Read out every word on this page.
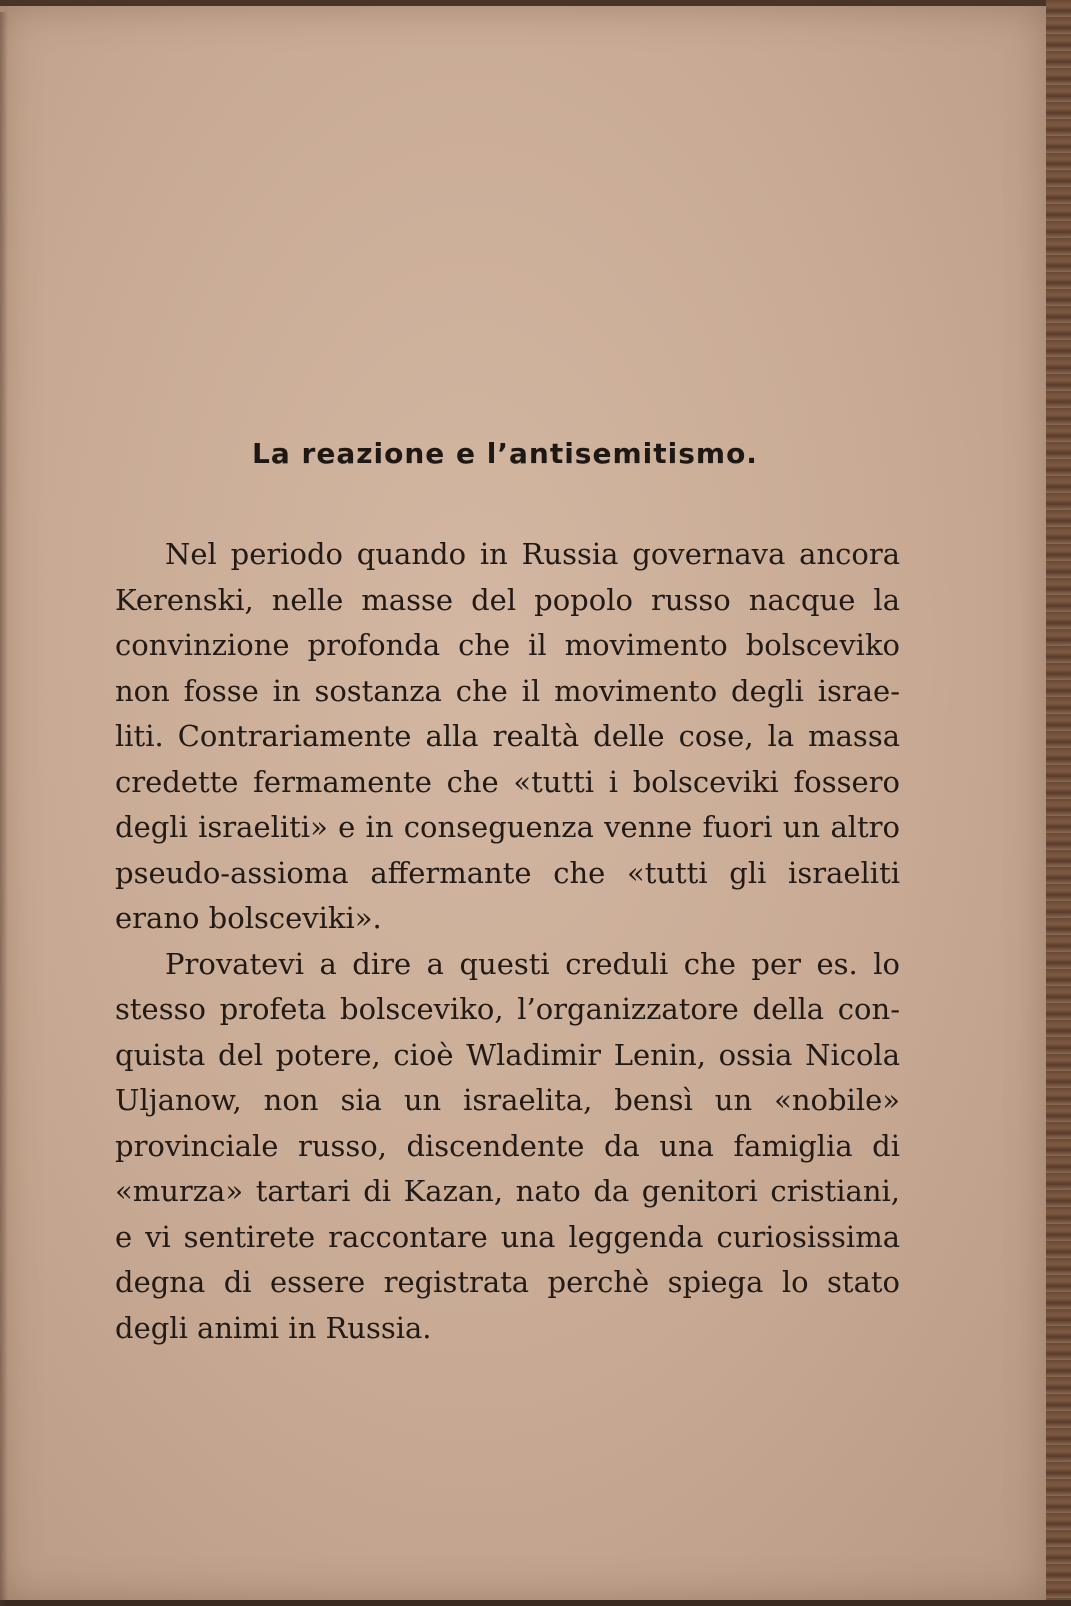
La reazione e l’antisemitismo.

Nel periodo quando in Russia governava ancora Kerenski, nelle masse del popolo russo nacque la convinzione profonda che il movimento bolsceviko non fosse in sostanza che il movimento degli israeliti. Contrariamente alla realtà delle cose, la massa credette fermamente che «tutti i bolsceviki fossero degli israeliti» e in conseguenza venne fuori un altro pseudo-assioma affermante che «tutti gli israeliti erano bolsceviki».

Provatevi a dire a questi creduli che per es. lo stesso profeta bolsceviko, l’organizzatore della conquista del potere, cioè Wladimir Lenin, ossia Nicola Uljanow, non sia un israelita, bensì un «nobile» provinciale russo, discendente da una famiglia di «murza» tartari di Kazan, nato da genitori cristiani, e vi sentirete raccontare una leggenda curiosissima degna di essere registrata perchè spiega lo stato degli animi in Russia.
